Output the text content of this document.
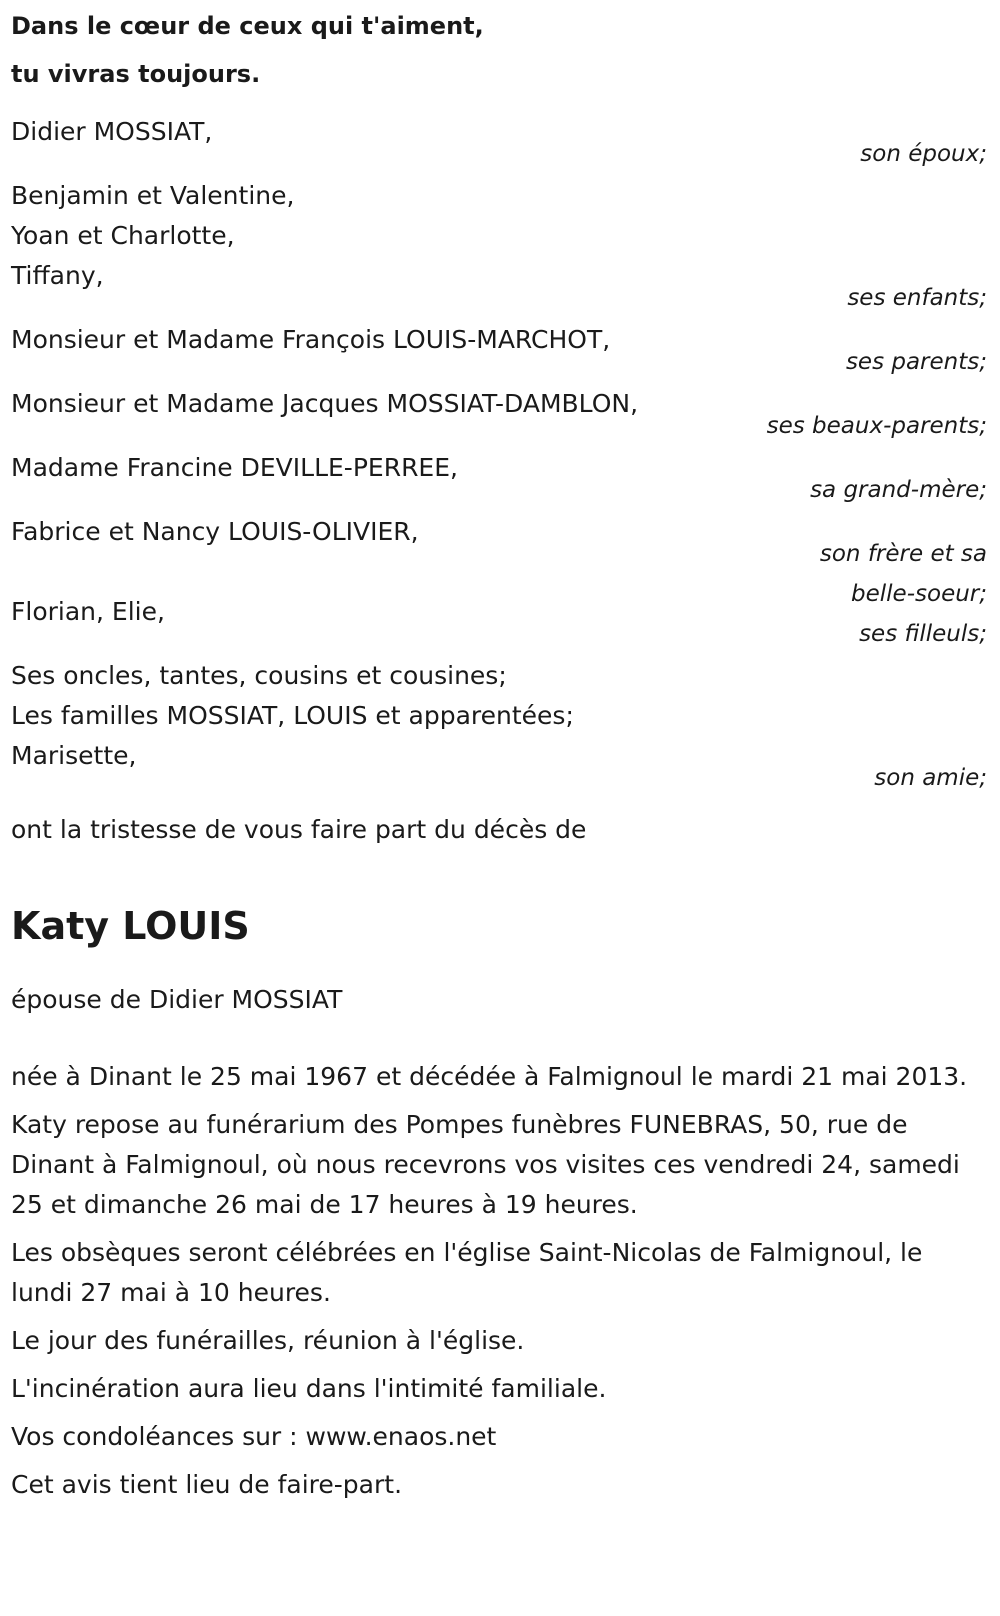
Dans le cœur de ceux qui t'aiment,
tu vivras toujours.
Didier MOSSIAT,
son époux;
Benjamin et Valentine,
Yoan et Charlotte,
Tiffany,
ses enfants;
Monsieur et Madame François LOUIS-MARCHOT,
ses parents;
Monsieur et Madame Jacques MOSSIAT-DAMBLON,
ses beaux-parents;
Madame Francine DEVILLE-PERREE,
sa grand-mère;
Fabrice et Nancy LOUIS-OLIVIER,
son frère et sa
belle-soeur;
Florian, Elie,
ses filleuls;
Ses oncles, tantes, cousins et cousines;
Les familles MOSSIAT, LOUIS et apparentées;
Marisette,
son amie;
ont la tristesse de vous faire part du décès de
Katy LOUIS
épouse de Didier MOSSIAT
née à Dinant le 25 mai 1967 et décédée à Falmignoul le mardi 21 mai 2013.
Katy repose au funérarium des Pompes funèbres FUNEBRAS, 50, rue de Dinant à Falmignoul, où nous recevrons vos visites ces vendredi 24, samedi 25 et dimanche 26 mai de 17 heures à 19 heures.
Les obsèques seront célébrées en l'église Saint-Nicolas de Falmignoul, le lundi 27 mai à 10 heures.
Le jour des funérailles, réunion à l'église.
L'incinération aura lieu dans l'intimité familiale.
Vos condoléances sur : www.enaos.net
Cet avis tient lieu de faire-part.
